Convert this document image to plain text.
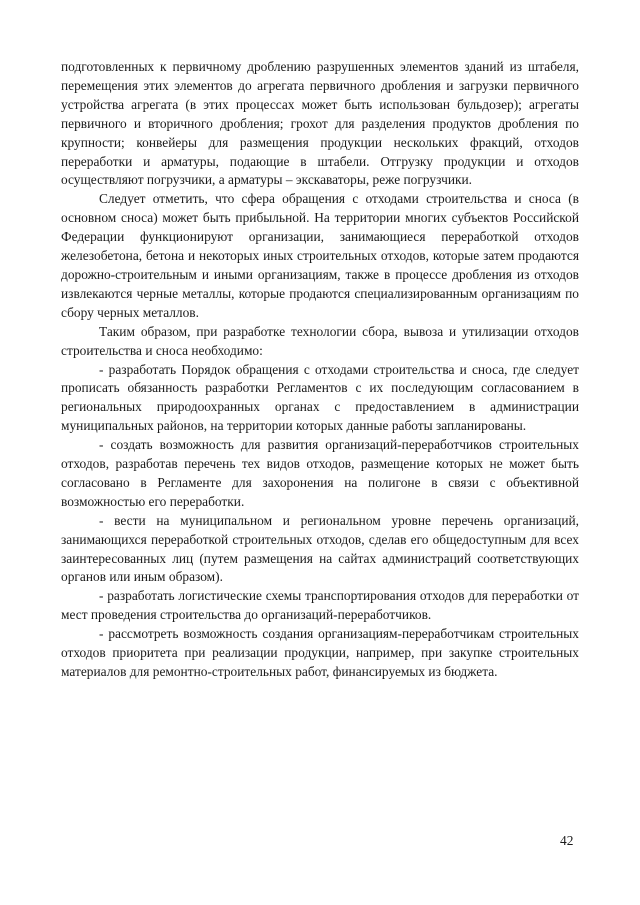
подготовленных к первичному дроблению разрушенных элементов зданий из штабеля, перемещения этих элементов до агрегата первичного дробления и загрузки первичного устройства агрегата (в этих процессах может быть использован бульдозер); агрегаты первичного и вторичного дробления; грохот для разделения продуктов дробления по крупности; конвейеры для размещения продукции нескольких фракций, отходов переработки и арматуры, подающие в штабели. Отгрузку продукции и отходов осуществляют погрузчики, а арматуры – экскаваторы, реже погрузчики.

Следует отметить, что сфера обращения с отходами строительства и сноса (в основном сноса) может быть прибыльной. На территории многих субъектов Российской Федерации функционируют организации, занимающиеся переработкой отходов железобетона, бетона и некоторых иных строительных отходов, которые затем продаются дорожно-строительным и иными организациям, также в процессе дробления из отходов извлекаются черные металлы, которые продаются специализированным организациям по сбору черных металлов.

Таким образом, при разработке технологии сбора, вывоза и утилизации отходов строительства и сноса необходимо:

- разработать Порядок обращения с отходами строительства и сноса, где следует прописать обязанность разработки Регламентов с их последующим согласованием в региональных природоохранных органах с предоставлением в администрации муниципальных районов, на территории которых данные работы запланированы.

- создать возможность для развития организаций-переработчиков строительных отходов, разработав перечень тех видов отходов, размещение которых не может быть согласовано в Регламенте для захоронения на полигоне в связи с объективной возможностью его переработки.

- вести на муниципальном и региональном уровне перечень организаций, занимающихся переработкой строительных отходов, сделав его общедоступным для всех заинтересованных лиц (путем размещения на сайтах администраций соответствующих органов или иным образом).

- разработать логистические схемы транспортирования отходов для переработки от мест проведения строительства до организаций-переработчиков.

- рассмотреть возможность создания организациям-переработчикам строительных отходов приоритета при реализации продукции, например, при закупке строительных материалов для ремонтно-строительных работ, финансируемых из бюджета.

42
